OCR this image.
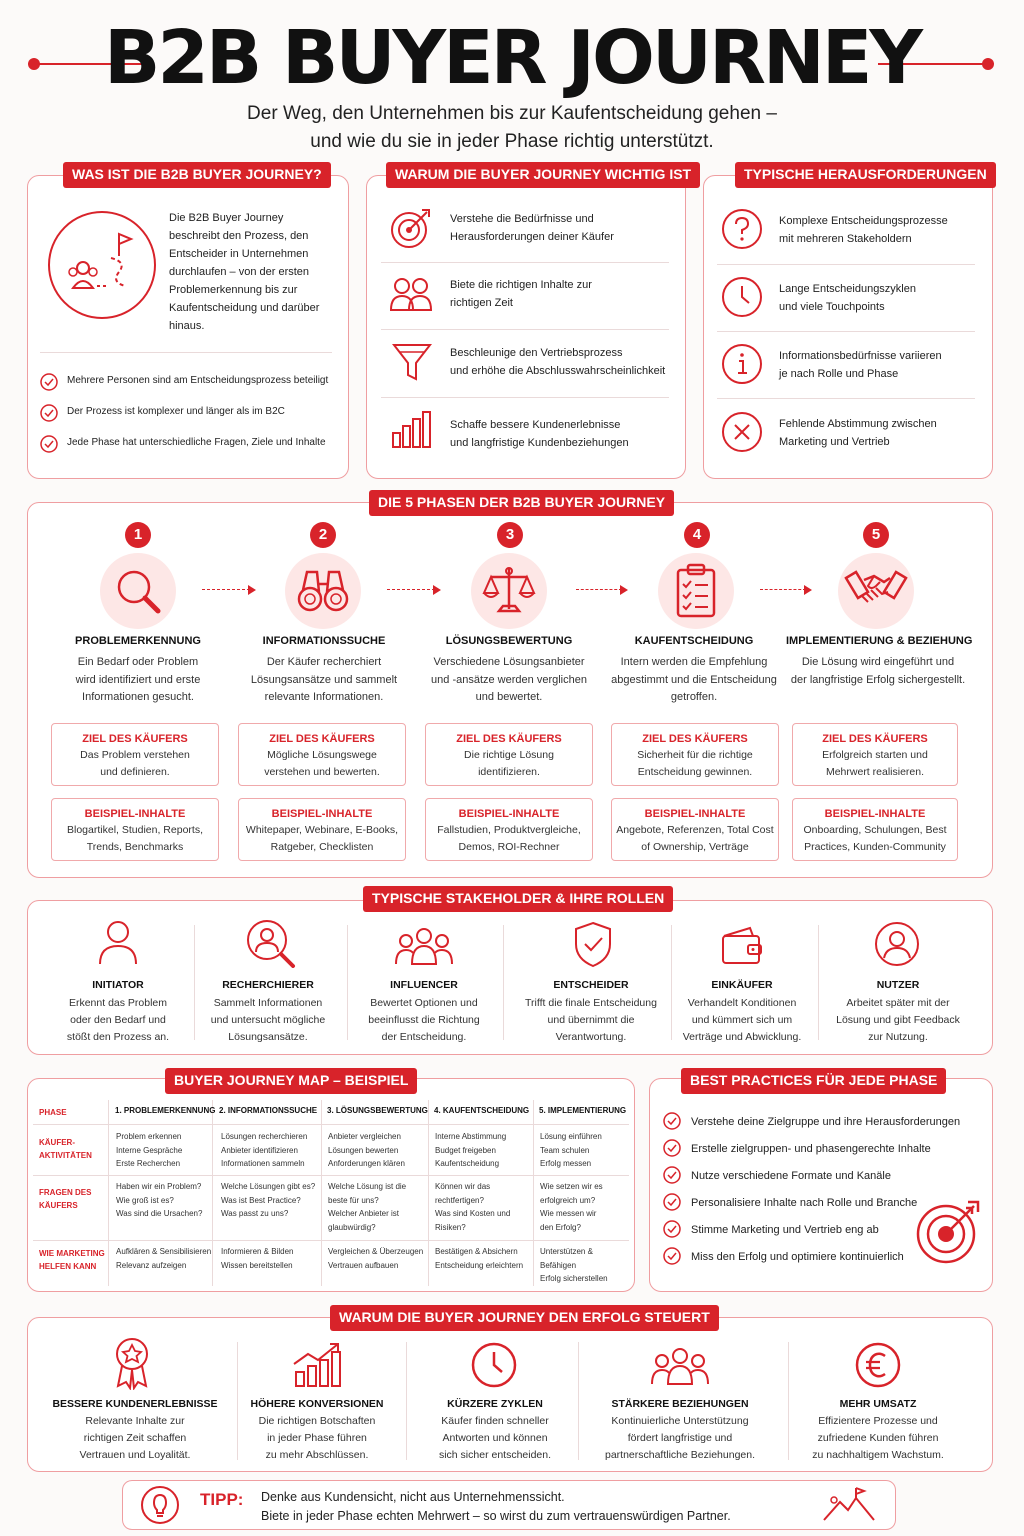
B2B BUYER JOURNEY
Der Weg, den Unternehmen bis zur Kaufentscheidung gehen –
und wie du sie in jeder Phase richtig unterstützt.
WAS IST DIE B2B BUYER JOURNEY?
Die B2B Buyer Journey beschreibt den Prozess, den Entscheider in Unternehmen durchlaufen – von der ersten Problemerkennung bis zur Kaufentscheidung und darüber hinaus.
Mehrere Personen sind am Entscheidungsprozess beteiligt
Der Prozess ist komplexer und länger als im B2C
Jede Phase hat unterschiedliche Fragen, Ziele und Inhalte
WARUM DIE BUYER JOURNEY WICHTIG IST
Verstehe die Bedürfnisse und
Herausforderungen deiner Käufer
Biete die richtigen Inhalte zur
richtigen Zeit
Beschleunige den Vertriebsprozess
und erhöhe die Abschlusswahrscheinlichkeit
Schaffe bessere Kundenerlebnisse
und langfristige Kundenbeziehungen
TYPISCHE HERAUSFORDERUNGEN
Komplexe Entscheidungsprozesse
mit mehreren Stakeholdern
Lange Entscheidungszyklen
und viele Touchpoints
Informationsbedürfnisse variieren
je nach Rolle und Phase
Fehlende Abstimmung zwischen
Marketing und Vertrieb
DIE 5 PHASEN DER B2B BUYER JOURNEY
1
PROBLEMERKENNUNG
Ein Bedarf oder Problem
wird identifiziert und erste
Informationen gesucht.
ZIEL DES KÄUFERS
Das Problem verstehen
und definieren.
BEISPIEL-INHALTE
Blogartikel, Studien, Reports,
Trends, Benchmarks
2
INFORMATIONSSUCHE
Der Käufer recherchiert
Lösungsansätze und sammelt
relevante Informationen.
ZIEL DES KÄUFERS
Mögliche Lösungswege
verstehen und bewerten.
BEISPIEL-INHALTE
Whitepaper, Webinare, E-Books,
Ratgeber, Checklisten
3
LÖSUNGSBEWERTUNG
Verschiedene Lösungsanbieter
und -ansätze werden verglichen
und bewertet.
ZIEL DES KÄUFERS
Die richtige Lösung
identifizieren.
BEISPIEL-INHALTE
Fallstudien, Produktvergleiche,
Demos, ROI-Rechner
4
KAUFENTSCHEIDUNG
Intern werden die Empfehlung
abgestimmt und die Entscheidung
getroffen.
ZIEL DES KÄUFERS
Sicherheit für die richtige
Entscheidung gewinnen.
BEISPIEL-INHALTE
Angebote, Referenzen, Total Cost
of Ownership, Verträge
5
IMPLEMENTIERUNG & BEZIEHUNG
Die Lösung wird eingeführt und
der langfristige Erfolg sichergestellt.
ZIEL DES KÄUFERS
Erfolgreich starten und
Mehrwert realisieren.
BEISPIEL-INHALTE
Onboarding, Schulungen, Best
Practices, Kunden-Community
TYPISCHE STAKEHOLDER & IHRE ROLLEN
INITIATOR
Erkennt das Problem
oder den Bedarf und
stößt den Prozess an.
RECHERCHIERER
Sammelt Informationen
und untersucht mögliche
Lösungsansätze.
INFLUENCER
Bewertet Optionen und
beeinflusst die Richtung
der Entscheidung.
ENTSCHEIDER
Trifft die finale Entscheidung
und übernimmt die
Verantwortung.
EINKÄUFER
Verhandelt Konditionen
und kümmert sich um
Verträge und Abwicklung.
NUTZER
Arbeitet später mit der
Lösung und gibt Feedback
zur Nutzung.
BUYER JOURNEY MAP – BEISPIEL
PHASE	1. PROBLEMERKENNUNG 2. INFORMATIONSSUCHE 3. LÖSUNGSBEWERTUNG 4. KAUFENTSCHEIDUNG 5. IMPLEMENTIERUNG
KÄUFER-
AKTIVITÄTEN
Problem erkennen
Interne Gespräche
Erste Recherchen
Lösungen recherchieren
Anbieter identifizieren
Informationen sammeln
Anbieter vergleichen
Lösungen bewerten
Anforderungen klären
Interne Abstimmung
Budget freigeben
Kaufentscheidung
Lösung einführen
Team schulen
Erfolg messen
FRAGEN DES
KÄUFERS
Haben wir ein Problem?
Wie groß ist es?
Was sind die Ursachen?
Welche Lösungen gibt es?
Was ist Best Practice?
Was passt zu uns?
Welche Lösung ist die
beste für uns?
Welcher Anbieter ist
glaubwürdig?
Können wir das
rechtfertigen?
Was sind Kosten und
Risiken?
Wie setzen wir es
erfolgreich um?
Wie messen wir
den Erfolg?
WIE MARKETING
HELFEN KANN
Aufklären & Sensibilisieren
Relevanz aufzeigen
Informieren & Bilden
Wissen bereitstellen
Vergleichen & Überzeugen
Vertrauen aufbauen
Bestätigen & Absichern
Entscheidung erleichtern
Unterstützen & Befähigen
Erfolg sicherstellen
BEST PRACTICES FÜR JEDE PHASE
Verstehe deine Zielgruppe und ihre Herausforderungen
Erstelle zielgruppen- und phasengerechte Inhalte
Nutze verschiedene Formate und Kanäle
Personalisiere Inhalte nach Rolle und Branche
Stimme Marketing und Vertrieb eng ab
Miss den Erfolg und optimiere kontinuierlich
WARUM DIE BUYER JOURNEY DEN ERFOLG STEUERT
BESSERE KUNDENERLEBNISSE
Relevante Inhalte zur
richtigen Zeit schaffen
Vertrauen und Loyalität.
HÖHERE KONVERSIONEN
Die richtigen Botschaften
in jeder Phase führen
zu mehr Abschlüssen.
KÜRZERE ZYKLEN
Käufer finden schneller
Antworten und können
sich sicher entscheiden.
STÄRKERE BEZIEHUNGEN
Kontinuierliche Unterstützung
fördert langfristige und
partnerschaftliche Beziehungen.
MEHR UMSATZ
Effizientere Prozesse und
zufriedene Kunden führen
zu nachhaltigem Wachstum.
TIPP: Denke aus Kundensicht, nicht aus Unternehmenssicht.
Biete in jeder Phase echten Mehrwert – so wirst du zum vertrauenswürdigen Partner.
